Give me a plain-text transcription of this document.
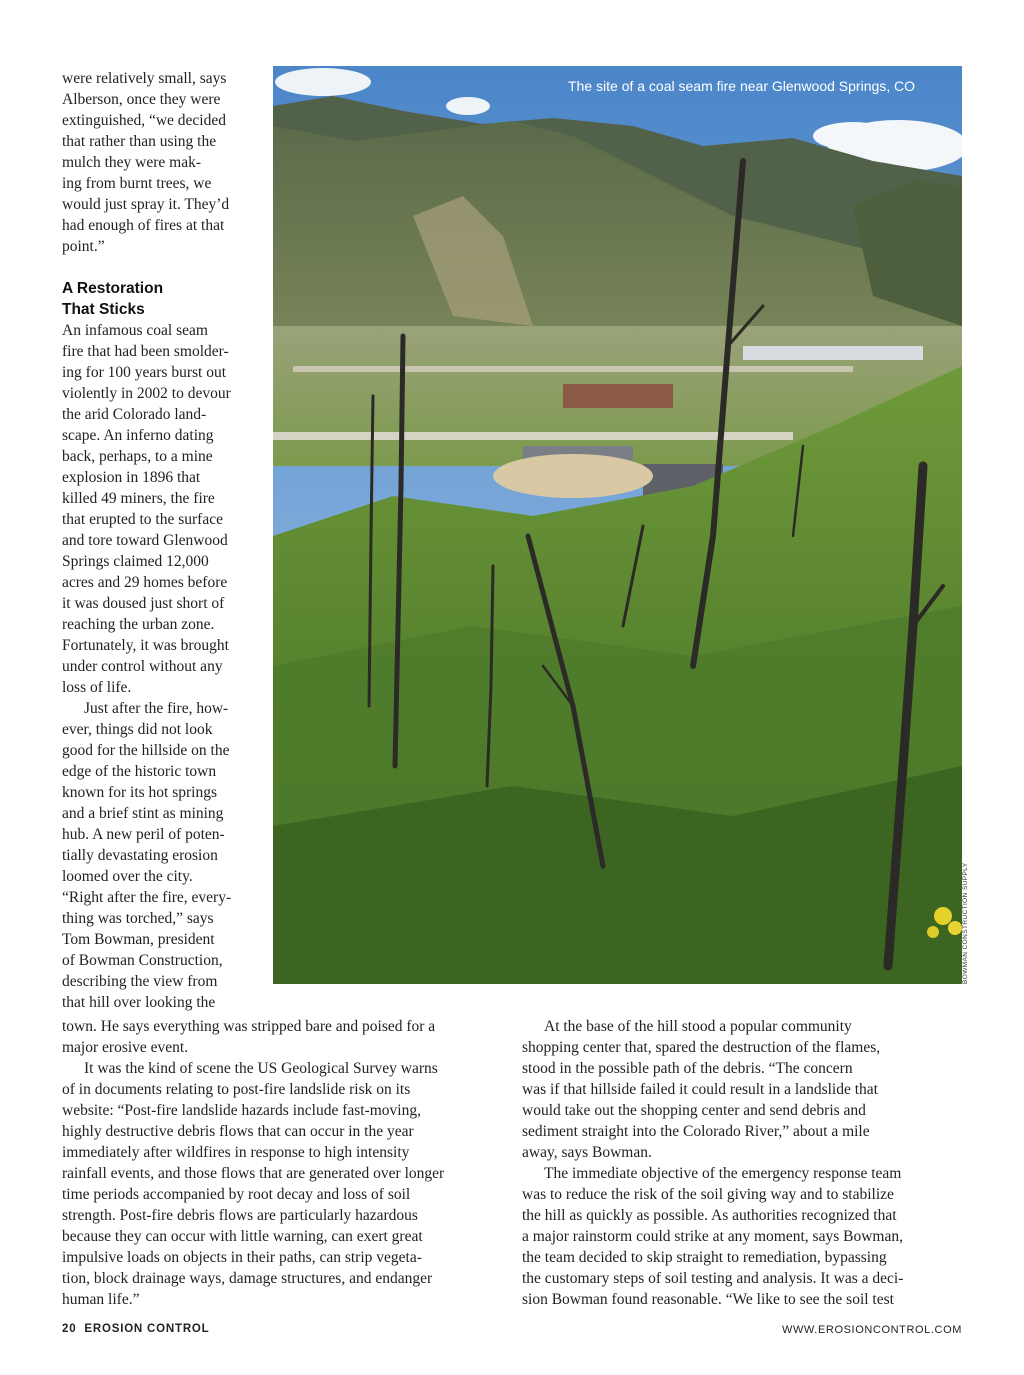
were relatively small, says
Alberson, once they were
extinguished, “we decided
that rather than using the
mulch they were mak-
ing from burnt trees, we
would just spray it. They’d
had enough of fires at that
point.”
A Restoration
That Sticks
An infamous coal seam
fire that had been smolder-
ing for 100 years burst out
violently in 2002 to devour
the arid Colorado land-
scape. An inferno dating
back, perhaps, to a mine
explosion in 1896 that
killed 49 miners, the fire
that erupted to the surface
and tore toward Glenwood
Springs claimed 12,000
acres and 29 homes before
it was doused just short of
reaching the urban zone.
Fortunately, it was brought
under control without any
loss of life.
Just after the fire, how-
ever, things did not look
good for the hillside on the
edge of the historic town
known for its hot springs
and a brief stint as mining
hub. A new peril of poten-
tially devastating erosion
loomed over the city.
“Right after the fire, every-
thing was torched,” says
Tom Bowman, president
of Bowman Construction,
describing the view from
that hill over looking the
The site of a coal seam fire near Glenwood Springs, CO
BOWMAN CONSTRUCTION SUPPLY
town. He says everything was stripped bare and poised for a
major erosive event.
It was the kind of scene the US Geological Survey warns
of in documents relating to post-fire landslide risk on its
website: “Post-fire landslide hazards include fast-moving,
highly destructive debris flows that can occur in the year
immediately after wildfires in response to high intensity
rainfall events, and those flows that are generated over longer
time periods accompanied by root decay and loss of soil
strength. Post-fire debris flows are particularly hazardous
because they can occur with little warning, can exert great
impulsive loads on objects in their paths, can strip vegeta-
tion, block drainage ways, damage structures, and endanger
human life.”
At the base of the hill stood a popular community
shopping center that, spared the destruction of the flames,
stood in the possible path of the debris. “The concern
was if that hillside failed it could result in a landslide that
would take out the shopping center and send debris and
sediment straight into the Colorado River,” about a mile
away, says Bowman.
The immediate objective of the emergency response team
was to reduce the risk of the soil giving way and to stabilize
the hill as quickly as possible. As authorities recognized that
a major rainstorm could strike at any moment, says Bowman,
the team decided to skip straight to remediation, bypassing
the customary steps of soil testing and analysis. It was a deci-
sion Bowman found reasonable. “We like to see the soil test
20 EROSION CONTROL	WWW.EROSIONCONTROL.COM
